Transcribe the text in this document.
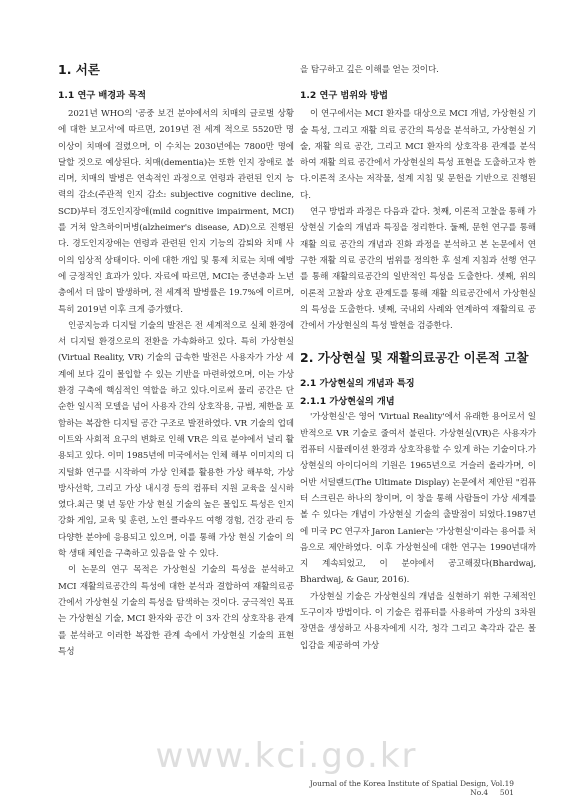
1. 서론
1.1 연구 배경과 목적

2021년 WHO의 '공중 보건 분야에서의 치매의 글로벌 상황에 대한 보고서'에 따르면, 2019년 전 세계 적으로 5520만 명 이상이 치매에 걸렸으며, 이 수치는 2030년에는 7800만 명에 달할 것으로 예상된다. 치매(dementia)는 또한 인지 장애로 불리며, 치매의 발병은 연속적인 과정으로 연령과 관련된 인지 능력의 감소(주관적 인지 감소: subjective cognitive decline, SCD)부터 경도인지장애(mild cognitive impairment, MCI)를 거쳐 알츠하이머병(alzheimer's disease, AD)으로 진행된다. 경도인지장애는 연령과 관련된 인지 기능의 감퇴와 치매 사이의 임상적 상태이다. 이에 대한 개입 및 통제 치료는 치매 예방에 긍정적인 효과가 있다. 자료에 따르면, MCI는 중년층과 노년층에서 더 많이 발생하며, 전 세계적 발병률은 19.7%에 이르며, 특히 2019년 이후 크게 증가했다.

인공지능과 디지털 기술의 발전은 전 세계적으로 실체 환경에서 디지털 환경으로의 전환을 가속화하고 있다. 특히 가상현실(Virtual Reality, VR) 기술의 급속한 발전은 사용자가 가상 세계에 보다 깊이 몰입할 수 있는 기반을 마련하였으며, 이는 가상 환경 구축에 핵심적인 역할을 하고 있다.이로써 물리 공간은 단순한 일시적 모델을 넘어 사용자 간의 상호작용, 규범, 제한을 포함하는 복잡한 디지털 공간 구조로 발전하였다. VR 기술의 업데이트와 사회적 요구의 변화로 인해 VR은 의료 분야에서 널리 활용되고 있다. 이미 1985년에 미국에서는 인체 해부 이미지의 디지털화 연구를 시작하여 가상 인체를 활용한 가상 해부학, 가상 방사선학, 그리고 가상 내시경 등의 컴퓨터 지원 교육을 실시하였다.최근 몇 년 동안 가상 현실 기술의 높은 몰입도 특성은 인지 강화 게임, 교육 및 훈련, 노인 클라우드 여행 경험, 건강 관리 등 다양한 분야에 응용되고 있으며, 이를 통해 가상 현실 기술이 의학 생태 체인을 구축하고 있음을 알 수 있다.

이 논문의 연구 목적은 가상현실 기술의 특성을 분석하고 MCI 재활의료공간의 특성에 대한 분석과 결합하여 재활의료공간에서 가상현실 기술의 특성을 탐색하는 것이다. 궁극적인 목표는 가상현실 기술, MCI 환자와 공간 이 3자 간의 상호작용 관계를 분석하고 이러한 복잡한 관계 속에서 가상현실 기술의 표현 특성

을 탐구하고 깊은 이해를 얻는 것이다.
1.2 연구 범위와 방법

이 연구에서는 MCI 환자를 대상으로 MCI 개념, 가상현실 기술 특성, 그리고 재활 의료 공간의 특성을 분석하고, 가상현실 기술, 재활 의료 공간, 그리고 MCI 환자의 상호작용 관계를 분석하여 재활 의료 공간에서 가상현실의 특성 표현을 도출하고자 한다.이론적 조사는 저작물, 설계 지침 및 문헌을 기반으로 진행된다.

연구 방법과 과정은 다음과 같다. 첫째, 이론적 고찰을 통해 가상현실 기술의 개념과 특징을 정리한다. 둘째, 문헌 연구를 통해 재활 의료 공간의 개념과 진화 과정을 분석하고 본 논문에서 연구한 재활 의료 공간의 범위를 정의한 후 설계 지침과 선행 연구를 통해 재활의료공간의 일반적인 특성을 도출한다. 셋째, 위의 이론적 고찰과 상호 관계도를 통해 재활 의료공간에서 가상현실의 특성을 도출한다. 넷째, 국내외 사례와 연계하여 재활의료 공간에서 가상현실의 특성 발현을 검증한다.

2. 가상현실 및 재활의료공간 이론적 고찰
2.1 가상현실의 개념과 특징
2.1.1 가상현실의 개념

'가상현실'은 영어 'Virtual Reality'에서 유래한 용어로서 일반적으로 VR 기술로 줄여서 불린다. 가상현실(VR)은 사용자가 컴퓨터 시뮬레이션 환경과 상호작용할 수 있게 하는 기술이다.가상현실의 아이디어의 기원은 1965년으로 거슬러 올라가며, 이어반 서덜랜드(The Ultimate Display) 논문에서 제안된 "컴퓨터 스크린은 하나의 창이며, 이 창을 통해 사람들이 가상 세계를 볼 수 있다는 개념이 가상현실 기술의 출발점이 되었다.1987년에 미국 PC 연구자 Jaron Lanier는 '가상현실'이라는 용어를 처음으로 제안하였다. 이후 가상현실에 대한 연구는 1990년대까지 계속되었고, 이 분야에서 공고해졌다(Bhardwaj, Bhardwaj, & Gaur, 2016).

가상현실 기술은 가상현실의 개념을 실현하기 위한 구체적인 도구이자 방법이다. 이 기술은 컴퓨터를 사용하여 가상의 3차원 장면을 생성하고 사용자에게 시각, 청각 그리고 촉각과 같은 몰입감을 제공하여 가상

www.kci.go.kr
Journal of the Korea Institute of Spatial Design, Vol.19 No.4 501
